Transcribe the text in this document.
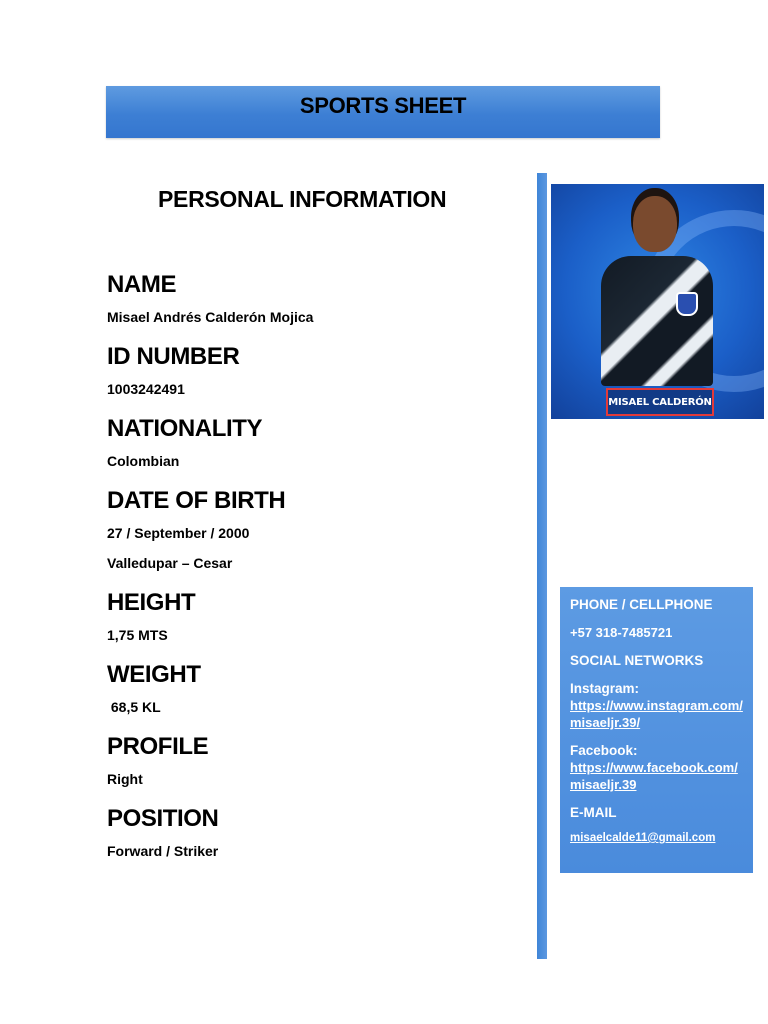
SPORTS SHEET
PERSONAL INFORMATION
NAME
Misael Andrés Calderón Mojica
ID NUMBER
1003242491
NATIONALITY
Colombian
DATE OF BIRTH
27 / September / 2000
Valledupar – Cesar
HEIGHT
1,75 MTS
WEIGHT
68,5 KL
PROFILE
Right
POSITION
Forward / Striker
MISAEL CALDERÓN
PHONE / CELLPHONE
+57 318-7485721
SOCIAL NETWORKS
Instagram:
https://www.instagram.com/misaeljr.39/
Facebook:
https://www.facebook.com/misaeljr.39
E-MAIL
misaelcalde11@gmail.com
